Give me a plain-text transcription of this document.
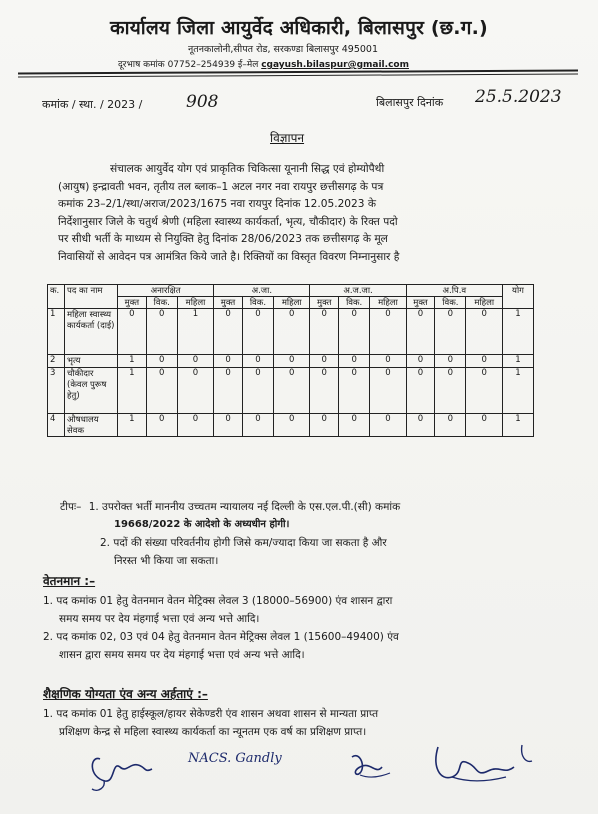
कार्यालय जिला आयुर्वेद अधिकारी, बिलासपुर (छ.ग.)
नूतनकालोनी,सीपत रोड, सरकण्डा बिलासपुर 495001
दूरभाष कमांक 07752–254939 ई–मेल cgayush.bilaspur@gmail.com
कमांक / स्था. / 2023 /	908	बिलासपुर दिनांक 25.5.2023
विज्ञापन
संचालक आयुर्वेद योग एवं प्राकृतिक चिकित्सा यूनानी सिद्ध एवं होम्योपैथी
(आयुष) इन्द्रावती भवन, तृतीय तल ब्लाक–1 अटल नगर नवा रायपुर छत्तीसगढ़ के पत्र
कमांक 23–2/1/स्था/अराज/2023/1675 नवा रायपुर दिनांक 12.05.2023 के
निर्देशानुसार जिले के चतुर्थ श्रेणी (महिला स्वास्थ्य कार्यकर्ता, भृत्य, चौकीदार) के रिक्त पदो
पर सीधी भर्ती के माध्यम से नियुक्ति हेतु दिनांक 28/06/2023 तक छत्तीसगढ़ के मूल
निवासियों से आवेदन पत्र आमंत्रित किये जाते है। रिक्तियों का विस्तृत विवरण निम्नानुसार है
क.	पद का नाम	अनारक्षित			अ.जा.			अ.ज.जा.			अ.पि.व			योग
		मुक्त	विक.	महिला	मुक्त	विक.	महिला	मुक्त	विक.	महिला	मुक्त	विक.	महिला	
1	महिला स्वास्थ्य कार्यकर्ता (दाई)	0	0	1	0	0	0	0	0	0	0	0	0	1
2	भृत्य	1	0	0	0	0	0	0	0	0	0	0	0	1
3	चौकीदार (केवल पुरूष हेतु)	1	0	0	0	0	0	0	0	0	0	0	0	1
4	औषधालय सेवक	1	0	0	0	0	0	0	0	0	0	0	0	1
टीपः– 1. उपरोक्त भर्ती माननीय उच्चतम न्यायालय नई दिल्ली के एस.एल.पी.(सी) कमांक
19668/2022 के आदेशो के अध्यधीन होगी।
2. पदों की संख्या परिवर्तनीय होगी जिसे कम/ज्यादा किया जा सकता है और
निरस्त भी किया जा सकता।
वेतनमान :–
1. पद कमांक 01 हेतु वेतनमान वेतन मेट्रिक्स लेवल 3 (18000–56900) एंव शासन द्वारा
समय समय पर देय मंहगाई भत्ता एवं अन्य भत्ते आदि।
2. पद कमांक 02, 03 एवं 04 हेतु वेतनमान वेतन मेट्रिक्स लेवल 1 (15600–49400) एंव
शासन द्वारा समय समय पर देय मंहगाई भत्ता एवं अन्य भत्ते आदि।
शैक्षणिक योग्यता एंव अन्य अर्हताएं :–
1. पद कमांक 01 हेतु हाईस्कूल/हायर सेकेण्डरी एंव शासन अथवा शासन से मान्यता प्राप्त
प्रशिक्षण केन्द्र से महिला स्वास्थ्य कार्यकर्ता का न्यूनतम एक वर्ष का प्रशिक्षण प्राप्त।
NACS. Gandly
